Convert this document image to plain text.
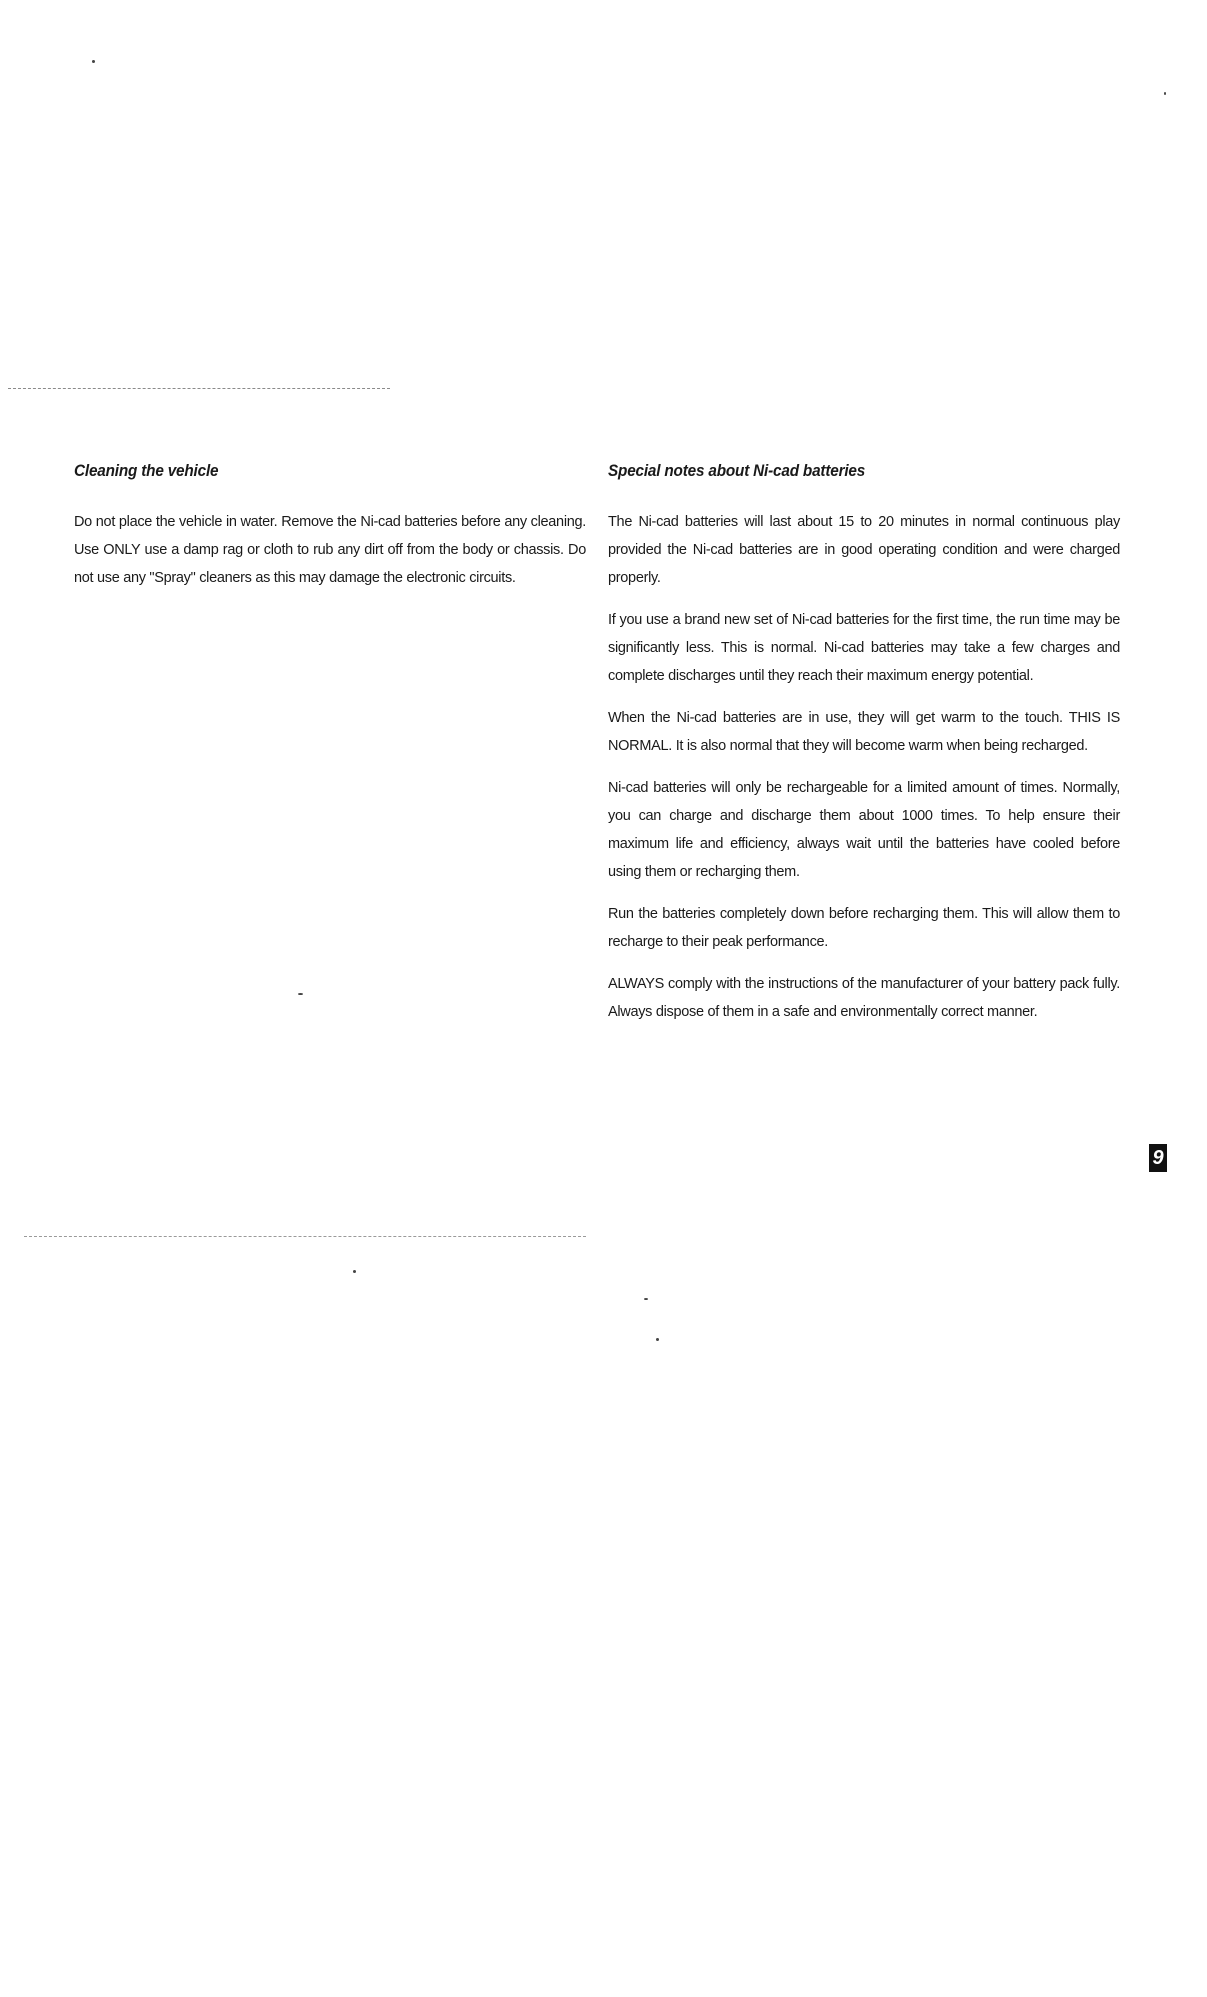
Cleaning the vehicle

Do not place the vehicle in water. Remove the Ni-cad batteries before any cleaning. Use ONLY use a damp rag or cloth to rub any dirt off from the body or chassis. Do not use any "Spray" cleaners as this may damage the electronic circuits.

Special notes about Ni-cad batteries

The Ni-cad batteries will last about 15 to 20 minutes in normal continuous play provided the Ni-cad batteries are in good operating condition and were charged properly.

If you use a brand new set of Ni-cad batteries for the first time, the run time may be significantly less. This is normal. Ni-cad batteries may take a few charges and complete discharges until they reach their maximum energy potential.

When the Ni-cad batteries are in use, they will get warm to the touch. THIS IS NORMAL. It is also normal that they will become warm when being recharged.

Ni-cad batteries will only be rechargeable for a limited amount of times. Normally, you can charge and discharge them about 1000 times. To help ensure their maximum life and efficiency, always wait until the batteries have cooled before using them or recharging them.

Run the batteries completely down before recharging them. This will allow them to recharge to their peak performance.

ALWAYS comply with the instructions of the manufacturer of your battery pack fully. Always dispose of them in a safe and environmentally correct manner.

9
